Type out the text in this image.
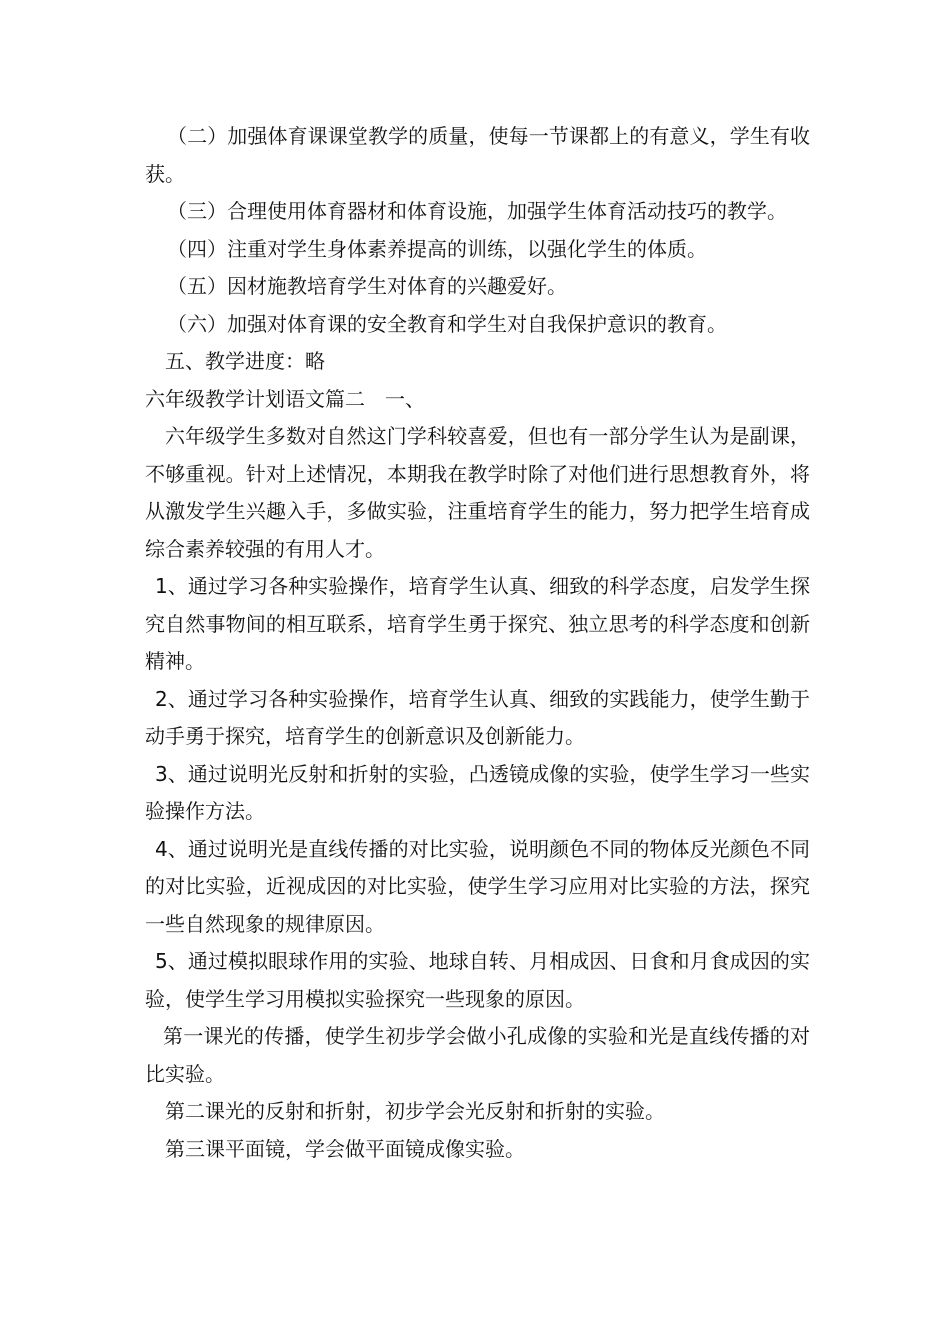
（二）加强体育课课堂教学的质量，使每一节课都上的有意义，学生有收获。

（三）合理使用体育器材和体育设施，加强学生体育活动技巧的教学。

（四）注重对学生身体素养提高的训练，以强化学生的体质。

（五）因材施教培育学生对体育的兴趣爱好。

（六）加强对体育课的安全教育和学生对自我保护意识的教育。

五、教学进度：略

六年级教学计划语文篇二　一、

六年级学生多数对自然这门学科较喜爱，但也有一部分学生认为是副课，不够重视。针对上述情况，本期我在教学时除了对他们进行思想教育外，将从激发学生兴趣入手，多做实验，注重培育学生的能力，努力把学生培育成综合素养较强的有用人才。

1、通过学习各种实验操作，培育学生认真、细致的科学态度，启发学生探究自然事物间的相互联系，培育学生勇于探究、独立思考的科学态度和创新精神。

2、通过学习各种实验操作，培育学生认真、细致的实践能力，使学生勤于动手勇于探究，培育学生的创新意识及创新能力。

3、通过说明光反射和折射的实验，凸透镜成像的实验，使学生学习一些实验操作方法。

4、通过说明光是直线传播的对比实验，说明颜色不同的物体反光颜色不同的对比实验，近视成因的对比实验，使学生学习应用对比实验的方法，探究一些自然现象的规律原因。

5、通过模拟眼球作用的实验、地球自转、月相成因、日食和月食成因的实验，使学生学习用模拟实验探究一些现象的原因。

第一课光的传播，使学生初步学会做小孔成像的实验和光是直线传播的对比实验。

第二课光的反射和折射，初步学会光反射和折射的实验。

第三课平面镜，学会做平面镜成像实验。
